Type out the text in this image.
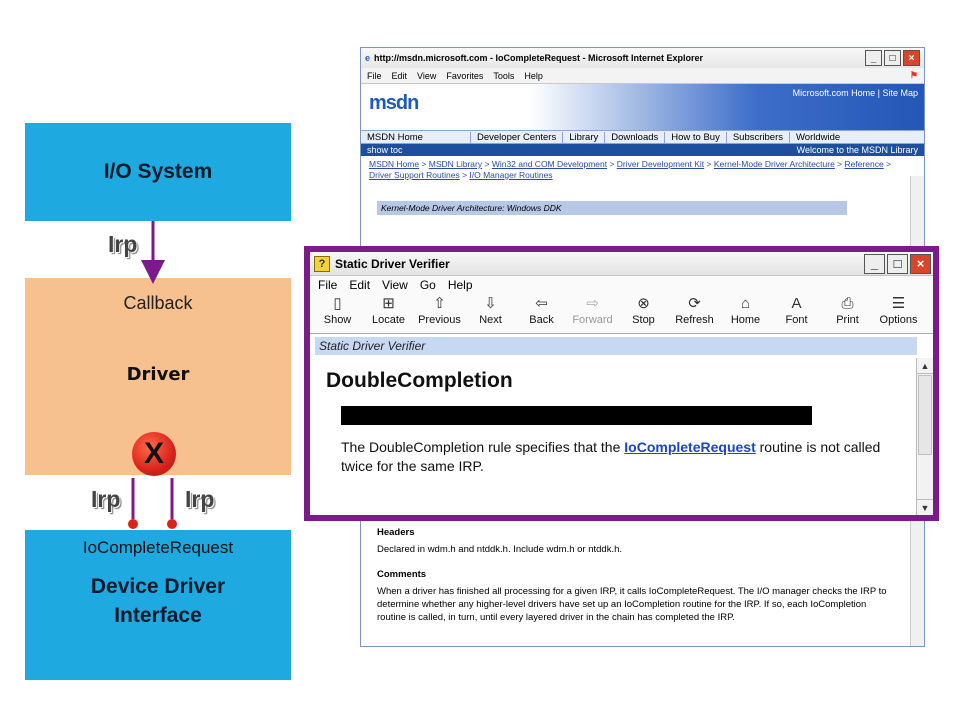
I/O System
Irp
Callback
Driver
X
Irp	Irp
IoCompleteRequest
Device Driver
Interface
e http://msdn.microsoft.com - IoCompleteRequest - Microsoft Internet Explorer	_	□	×
File Edit View Favorites Tools Help	⚑
msdn	Microsoft.com Home | Site Map
MSDN Home	Developer Centers	Library	Downloads	How to Buy	Subscribers	Worldwide
show toc	Welcome to the MSDN Library
MSDN Home > MSDN Library > Win32 and COM Development > Driver Development Kit > Kernel-Mode Driver Architecture > Reference > Driver Support Routines > I/O Manager Routines
Kernel-Mode Driver Architecture: Windows DDK
Headers

Declared in wdm.h and ntddk.h. Include wdm.h or ntddk.h.

Comments

When a driver has finished all processing for a given IRP, it calls IoCompleteRequest. The I/O manager checks the IRP to determine whether any higher-level drivers have set up an IoCompletion routine for the IRP. If so, each IoCompletion routine is called, in turn, until every layered driver in the chain has completed the IRP.

? Static Driver Verifier	_	□	×
File Edit View Go Help
▯
Show
⊞
Locate
⇧
Previous
⇩
Next
⇦
Back
⇨
Forward
⊗
Stop
⟳
Refresh
⌂
Home
A
Font
⎙
Print
☰
Options
Static Driver Verifier
DoubleCompletion
The DoubleCompletion rule specifies that the IoCompleteRequest routine is not called twice for the same IRP.
▲
▼
